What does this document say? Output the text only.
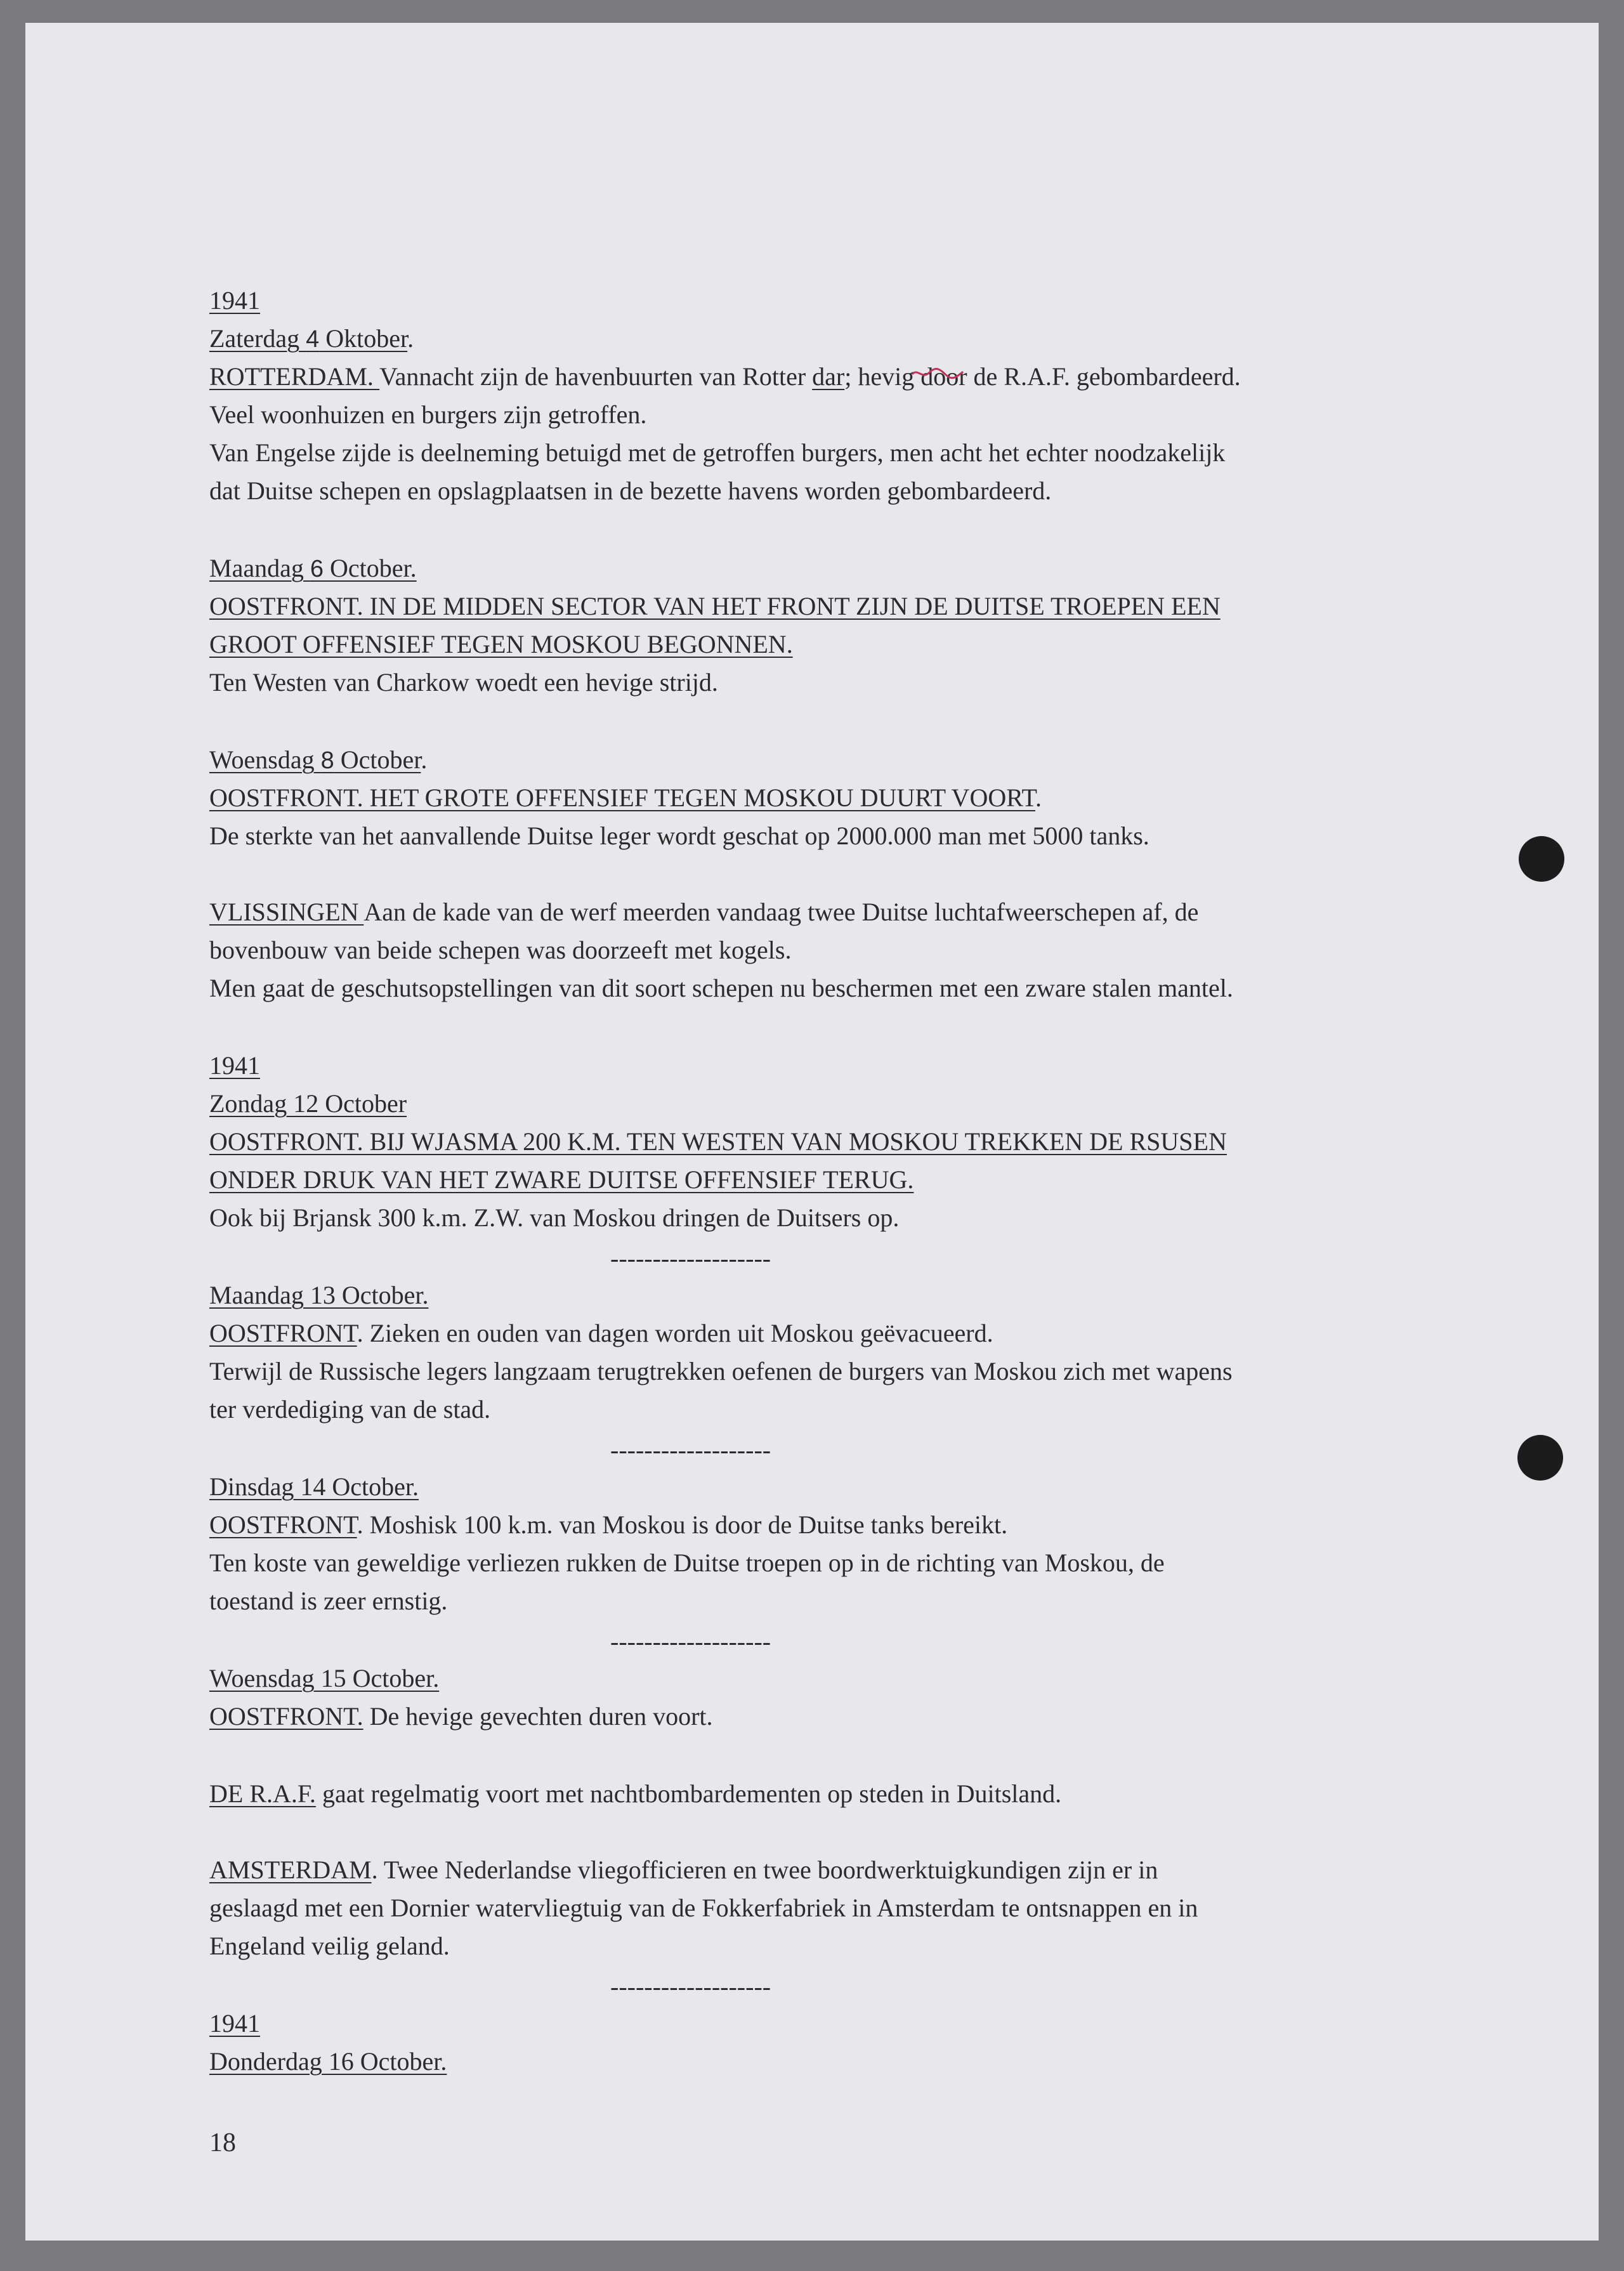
1941
Zaterdag 4 Oktober.
ROTTERDAM. Vannacht zijn de havenbuurten van Rotter dar; hevig door de R.A.F. gebombardeerd.
Veel woonhuizen en burgers zijn getroffen.
Van Engelse zijde is deelneming betuigd met de getroffen burgers, men acht het echter noodzakelijk
dat Duitse schepen en opslagplaatsen in de bezette havens worden gebombardeerd.
Maandag 6 October.
OOSTFRONT. IN DE MIDDEN SECTOR VAN HET FRONT ZIJN DE DUITSE TROEPEN EEN
GROOT OFFENSIEF TEGEN MOSKOU BEGONNEN.
Ten Westen van Charkow woedt een hevige strijd.
Woensdag 8 October.
OOSTFRONT. HET GROTE OFFENSIEF TEGEN MOSKOU DUURT VOORT.
De sterkte van het aanvallende Duitse leger wordt geschat op 2000.000 man met 5000 tanks.
VLISSINGEN Aan de kade van de werf meerden vandaag twee Duitse luchtafweerschepen af, de
bovenbouw van beide schepen was doorzeeft met kogels.
Men gaat de geschutsopstellingen van dit soort schepen nu beschermen met een zware stalen mantel.
1941
Zondag 12 October
OOSTFRONT. BIJ WJASMA 200 K.M. TEN WESTEN VAN MOSKOU TREKKEN DE RSUSEN
ONDER DRUK VAN HET ZWARE DUITSE OFFENSIEF TERUG.
Ook bij Brjansk 300 k.m. Z.W. van Moskou dringen de Duitsers op.
-------------------
Maandag 13 October.
OOSTFRONT. Zieken en ouden van dagen worden uit Moskou geëvacueerd.
Terwijl de Russische legers langzaam terugtrekken oefenen de burgers van Moskou zich met wapens
ter verdediging van de stad.
-------------------
Dinsdag 14 October.
OOSTFRONT. Moshisk 100 k.m. van Moskou is door de Duitse tanks bereikt.
Ten koste van geweldige verliezen rukken de Duitse troepen op in de richting van Moskou, de
toestand is zeer ernstig.
-------------------
Woensdag 15 October.
OOSTFRONT. De hevige gevechten duren voort.
DE R.A.F. gaat regelmatig voort met nachtbombardementen op steden in Duitsland.
AMSTERDAM. Twee Nederlandse vliegofficieren en twee boordwerktuigkundigen zijn er in
geslaagd met een Dornier watervliegtuig van de Fokkerfabriek in Amsterdam te ontsnappen en in
Engeland veilig geland.
-------------------
1941
Donderdag 16 October.
18
